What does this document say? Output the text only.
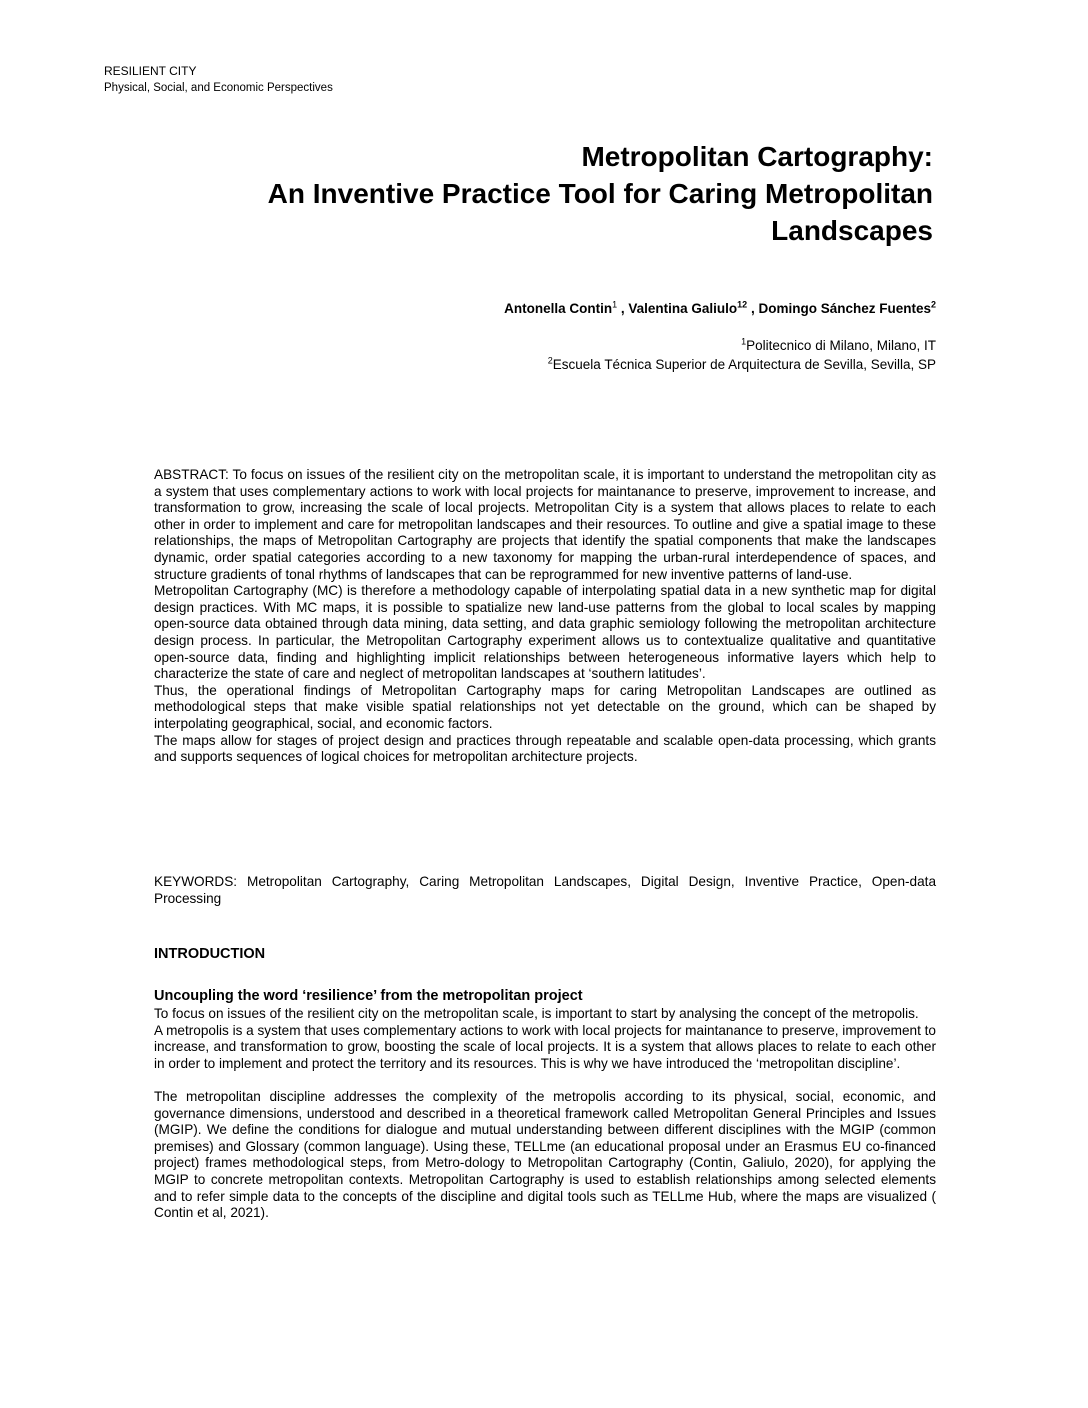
RESILIENT CITY
Physical, Social, and Economic Perspectives
Metropolitan Cartography:
An Inventive Practice Tool for Caring Metropolitan
Landscapes
Antonella Contin$^1$ , Valentina Galiulo$^{12}$ , Domingo Sánchez Fuentes$^2$
$^1$Politecnico di Milano, Milano, IT
$^2$Escuela Técnica Superior de Arquitectura de Sevilla, Sevilla, SP

ABSTRACT: To focus on issues of the resilient city on the metropolitan scale, it is important to understand the metropolitan city as a system that uses complementary actions to work with local projects for maintanance to preserve, improvement to increase, and transformation to grow, increasing the scale of local projects. Metropolitan City is a system that allows places to relate to each other in order to implement and care for metropolitan landscapes and their resources. To outline and give a spatial image to these relationships, the maps of Metropolitan Cartography are projects that identify the spatial components that make the landscapes dynamic, order spatial categories according to a new taxonomy for mapping the urban-rural interdependence of spaces, and structure gradients of tonal rhythms of landscapes that can be reprogrammed for new inventive patterns of land-use.

Metropolitan Cartography (MC) is therefore a methodology capable of interpolating spatial data in a new synthetic map for digital design practices. With MC maps, it is possible to spatialize new land-use patterns from the global to local scales by mapping open-source data obtained through data mining, data setting, and data graphic semiology following the metropolitan architecture design process. In particular, the Metropolitan Cartography experiment allows us to contextualize qualitative and quantitative open-source data, finding and highlighting implicit relationships between heterogeneous informative layers which help to characterize the state of care and neglect of metropolitan landscapes at ‘southern latitudes’.

Thus, the operational findings of Metropolitan Cartography maps for caring Metropolitan Landscapes are outlined as methodological steps that make visible spatial relationships not yet detectable on the ground, which can be shaped by interpolating geographical, social, and economic factors.

The maps allow for stages of project design and practices through repeatable and scalable open-data processing, which grants and supports sequences of logical choices for metropolitan architecture projects.

KEYWORDS: Metropolitan Cartography, Caring Metropolitan Landscapes, Digital Design, Inventive Practice, Open-data Processing

INTRODUCTION
Uncoupling the word ‘resilience’ from the metropolitan project

To focus on issues of the resilient city on the metropolitan scale, is important to start by analysing the concept of the metropolis.

A metropolis is a system that uses complementary actions to work with local projects for maintanance to preserve, improvement to increase, and transformation to grow, boosting the scale of local projects. It is a system that allows places to relate to each other in order to implement and protect the territory and its resources. This is why we have introduced the ‘metropolitan discipline’.

The metropolitan discipline addresses the complexity of the metropolis according to its physical, social, economic, and governance dimensions, understood and described in a theoretical framework called Metropolitan General Principles and Issues (MGIP). We define the conditions for dialogue and mutual understanding between different disciplines with the MGIP (common premises) and Glossary (common language). Using these, TELLme (an educational proposal under an Erasmus EU co-financed project) frames methodological steps, from Metro-dology to Metropolitan Cartography (Contin, Galiulo, 2020), for applying the MGIP to concrete metropolitan contexts. Metropolitan Cartography is used to establish relationships among selected elements and to refer simple data to the concepts of the discipline and digital tools such as TELLme Hub, where the maps are visualized ( Contin et al, 2021).
